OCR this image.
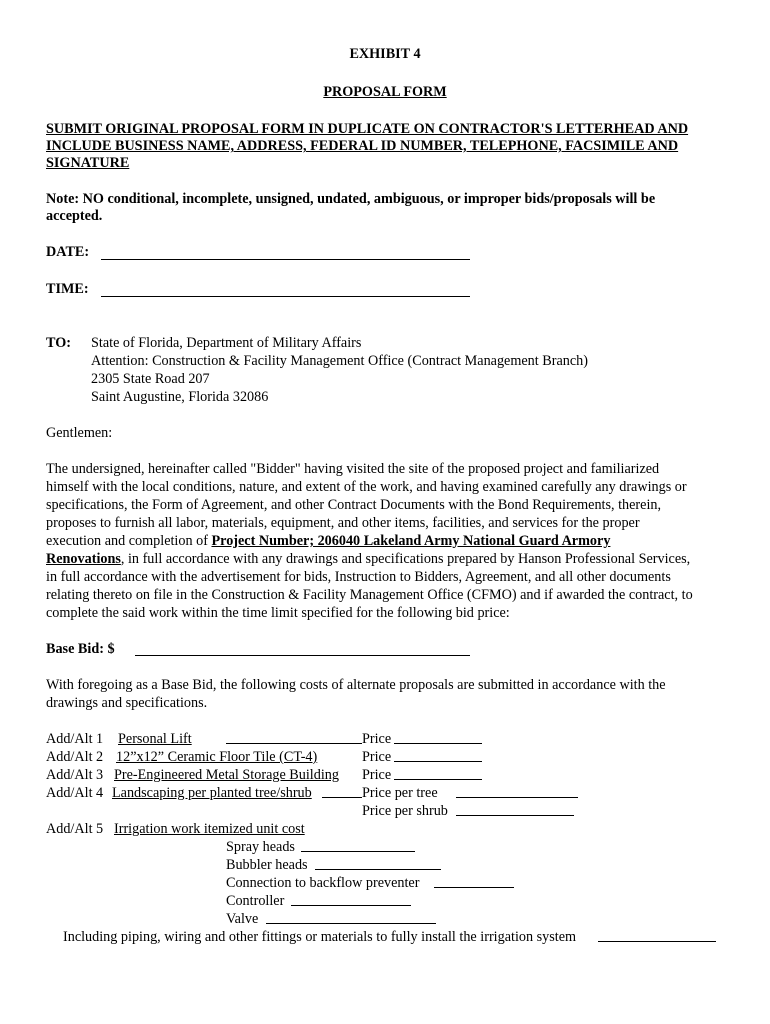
EXHIBIT 4
PROPOSAL FORM
SUBMIT ORIGINAL PROPOSAL FORM IN DUPLICATE ON CONTRACTOR'S LETTERHEAD AND
INCLUDE BUSINESS NAME, ADDRESS, FEDERAL ID NUMBER, TELEPHONE, FACSIMILE AND
SIGNATURE
Note: NO conditional, incomplete, unsigned, undated, ambiguous, or improper bids/proposals will be
accepted.
DATE:
TIME:
TO: State of Florida, Department of Military Affairs
Attention: Construction & Facility Management Office (Contract Management Branch)
2305 State Road 207
Saint Augustine, Florida 32086
Gentlemen:
The undersigned, hereinafter called "Bidder" having visited the site of the proposed project and familiarized
himself with the local conditions, nature, and extent of the work, and having examined carefully any drawings or
specifications, the Form of Agreement, and other Contract Documents with the Bond Requirements, therein,
proposes to furnish all labor, materials, equipment, and other items, facilities, and services for the proper
execution and completion of Project Number; 206040 Lakeland Army National Guard Armory
Renovations, in full accordance with any drawings and specifications prepared by Hanson Professional Services,
in full accordance with the advertisement for bids, Instruction to Bidders, Agreement, and all other documents
relating thereto on file in the Construction & Facility Management Office (CFMO) and if awarded the contract, to
complete the said work within the time limit specified for the following bid price:
Base Bid: $
With foregoing as a Base Bid, the following costs of alternate proposals are submitted in accordance with the
drawings and specifications.
Add/Alt 1 Personal Lift	Price
Add/Alt 2 12”x12” Ceramic Floor Tile (CT-4)	Price
Add/Alt 3 Pre-Engineered Metal Storage Building Price
Add/Alt 4 Landscaping per planted tree/shrub	Price per tree
Price per shrub
Add/Alt 5 Irrigation work itemized unit cost
Spray heads
Bubbler heads
Connection to backflow preventer
Controller
Valve
Including piping, wiring and other fittings or materials to fully install the irrigation system
